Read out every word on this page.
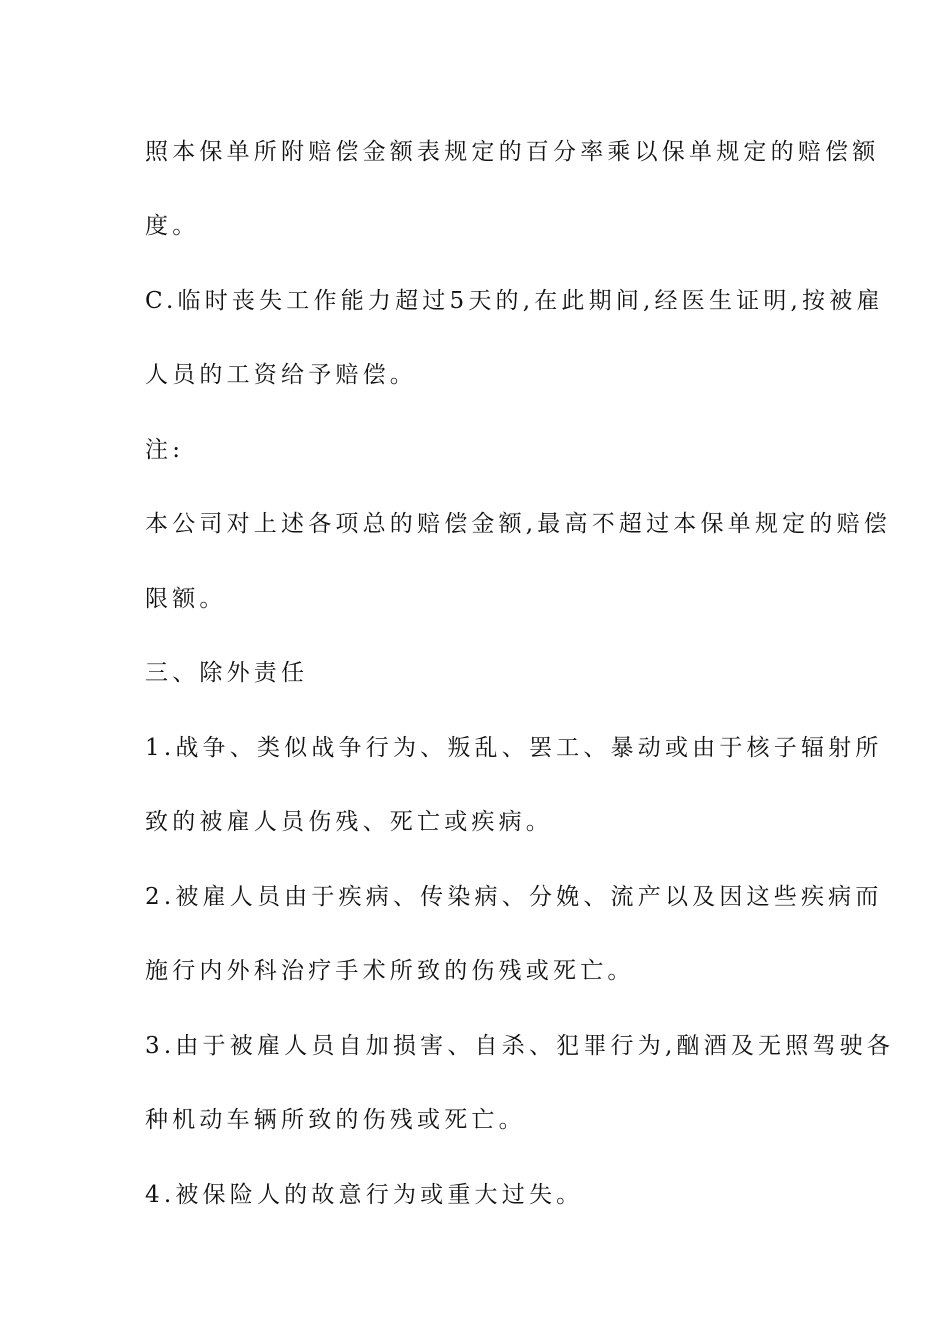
照本保单所附赔偿金额表规定的百分率乘以保单规定的赔偿额
度。
C.临时丧失工作能力超过5天的,在此期间,经医生证明,按被雇
人员的工资给予赔偿。
注:
本公司对上述各项总的赔偿金额,最高不超过本保单规定的赔偿
限额。
三、除外责任
1.战争、类似战争行为、叛乱、罢工、暴动或由于核子辐射所
致的被雇人员伤残、死亡或疾病。
2.被雇人员由于疾病、传染病、分娩、流产以及因这些疾病而
施行内外科治疗手术所致的伤残或死亡。
3.由于被雇人员自加损害、自杀、犯罪行为,酗酒及无照驾驶各
种机动车辆所致的伤残或死亡。
4.被保险人的故意行为或重大过失。
